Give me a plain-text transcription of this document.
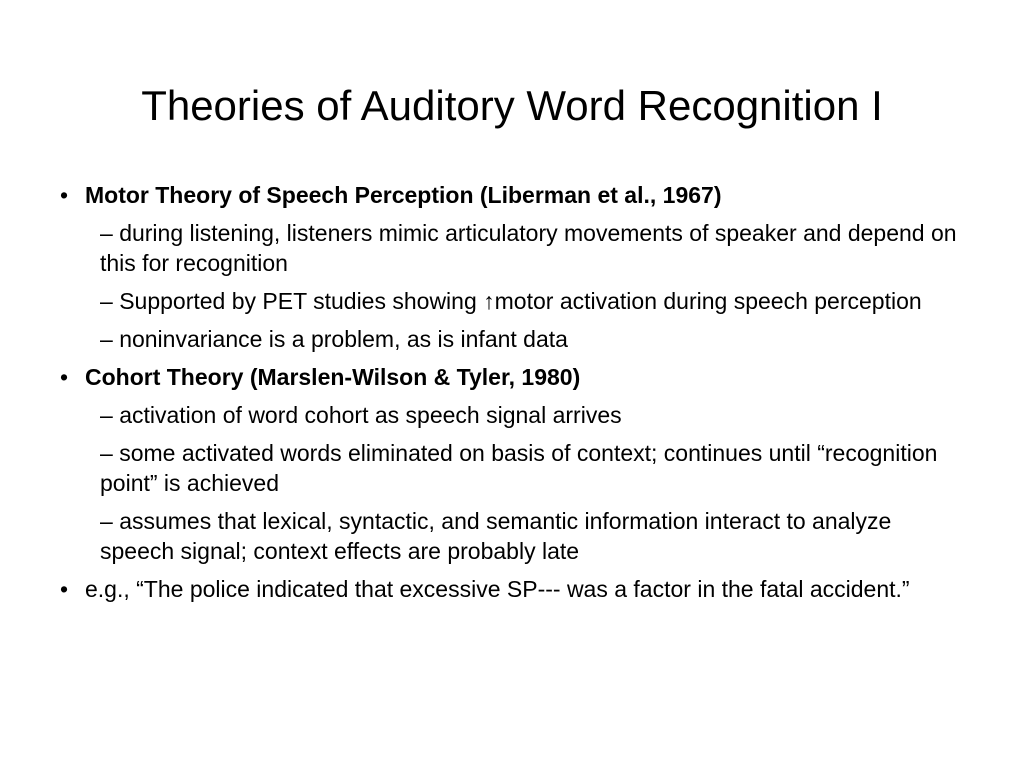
Theories of Auditory Word Recognition I

• Motor Theory of Speech Perception (Liberman et al., 1967)

– during listening, listeners mimic articulatory movements of speaker and depend on this for recognition

– Supported by PET studies showing ↑motor activation during speech perception

– noninvariance is a problem, as is infant data

• Cohort Theory (Marslen-Wilson & Tyler, 1980)

– activation of word cohort as speech signal arrives

– some activated words eliminated on basis of context; continues until “recognition point” is achieved

– assumes that lexical, syntactic, and semantic information interact to analyze speech signal; context effects are probably late

• e.g., “The police indicated that excessive SP--- was a factor in the fatal accident.”
